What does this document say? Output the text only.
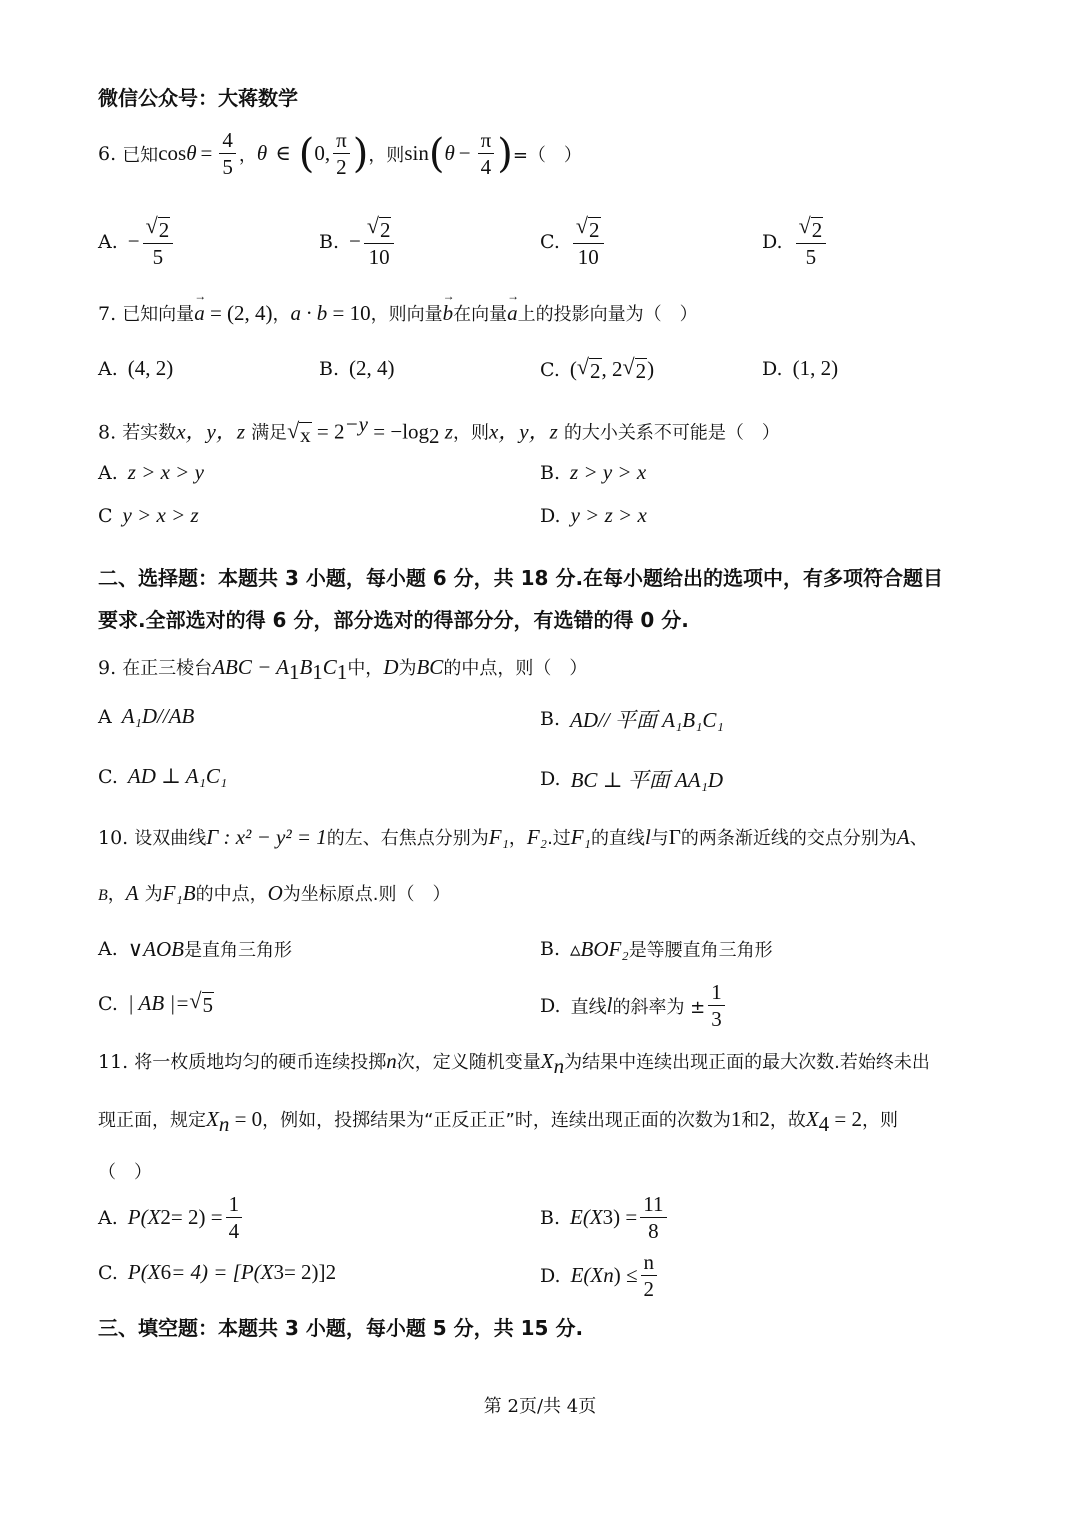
微信公众号：大蒋数学
6.
已知 $\cos \theta = \frac{4}{5}$ ， θ ∈ ( 0, $\frac{\pi}{2}$ ) ，则 sin ( $\theta - \frac{\pi}{4}$ ) =（　）
A. − $\frac{√ 2}{5}$	B. − $\frac{√ 2}{10}$	C. $\frac{√ 2}{10}$	D. $\frac{√ 2}{5}$
7. 已知向量→ a = (2, 4)，a · b = 10，则向量→ b在向量→ a上的投影向量为（　）
A. (4, 2)	B. (2, 4)	C. ( √ 2 , 2 √ 2 )	D. (1, 2)
8. 若实数x，y，z 满足 √ $x = 2^{-y} = -\log_2$ z，则x，y，z 的大小关系不可能是（　）
A. z > x > y	B. z > y > x
C y > x > z	D. y > z > x
二、选择题：本题共 3 小题，每小题 6 分，共 18 分.在每小题给出的选项中，有多项符合题目
要求.全部选对的得 6 分，部分选对的得部分分，有选错的得 0 分.
9. 在正三棱台ABC − $A_1B_1C_1$中，D为BC的中点，则（　）
A A₁D//AB	B. AD// 平面 A₁B₁C₁
C. AD ⊥ A₁C₁	D. BC ⊥ 平面 AA₁D
10. 设双曲线Γ : x² − y² = 1的左、右焦点分别为F₁，F₂.过F₁的直线l与Γ的两条渐近线的交点分别为A、
B，A 为F₁B的中点，O为坐标原点.则（　）
A. ∨AOB 是直角三角形	B. ▵BOF₂ 是等腰直角三角形
C. | AB |= √ 5	D. 直线 l 的斜率为 ± $\frac{1}{3}$
11. 将一枚质地均匀的硬币连续投掷n次，定义随机变量$X_n$为结果中连续出现正面的最大次数.若始终未出
现正面，规定$X_n = 0$，例如，投掷结果为“正反正正”时，连续出现正面的次数为1和2，故$X_4 = 2$，则
（　）
A. P(X $2 = 2) = \frac{1}{4}$	B. E(X 3 ) = $\frac{11}{8}$
C. P(X 6 = 4) = [P(X 3 = 2)] 2	D. E(X n ) ≤ $\frac{n}{2}$
三、填空题：本题共 3 小题，每小题 5 分，共 15 分.
第 2页/共 4页
